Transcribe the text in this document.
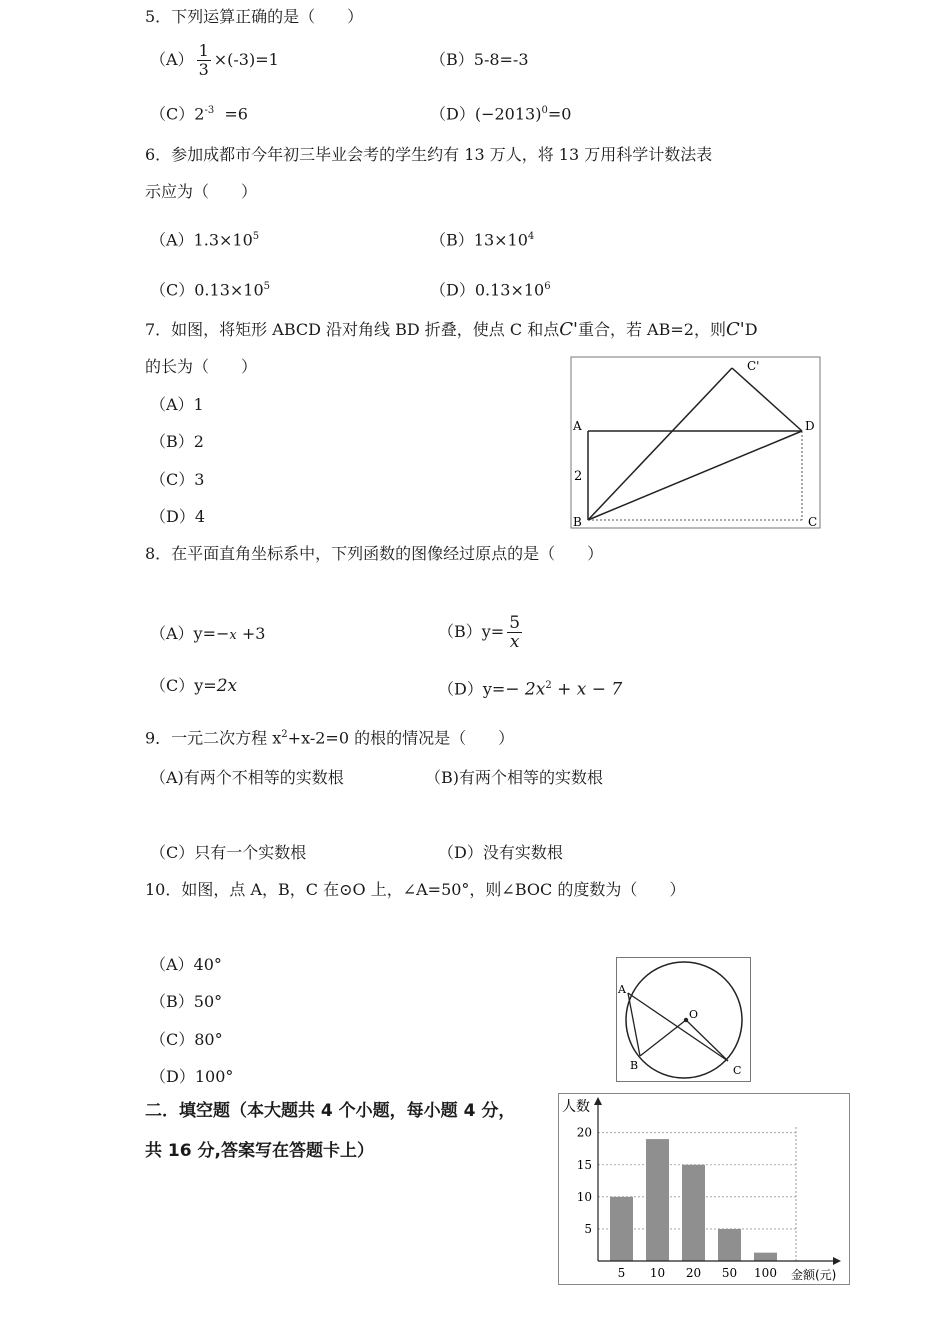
5．下列运算正确的是（　　）
$(A) \frac{1}{3} \times(-3)=1$	（B）5-8=-3
$(C)2^{-3} =6$	$(D)(-2013)^0=0$
6．参加成都市今年初三毕业会考的学生约有 13 万人，将 13 万用科学计数法表
示应为（　　）
$(A)1.3\times 10^5$	$(B)13\times 10^4$
$(C)0.13\times 10^5$	$(D)0.13\times 10^6$
7．如图，将矩形 ABCD 沿对角线 BD 折叠，使点 C 和点C'重合，若 AB=2，则C'D
的长为（　　）
（A）1
（B）2
（C）3
（D）4
A
B	C
D
C'
2
8．在平面直角坐标系中，下列函数的图像经过原点的是（　　）
（A）y=−x +3	$(B)y= \frac{5}{x}$
（C）y=2x	$(D)y=- 2x^2 + x - 7$
9．一元二次方程 $x^2+x-2=0$ 的根的情况是（　　）
（A)有两个不相等的实数根	（B)有两个相等的实数根
（C）只有一个实数根	（D）没有实数根
10．如图，点 A，B，C 在⊙O 上，∠A=50°，则∠BOC 的度数为（　　）
（A）40°
（B）50°
（C）80°
（D）100°
A
B	C
O
二．填空题（本大题共 4 个小题，每小题 4 分，
共 16 分,答案写在答题卡上）
5
10
15
20
5 10 20 50 100
人数
金额(元)
